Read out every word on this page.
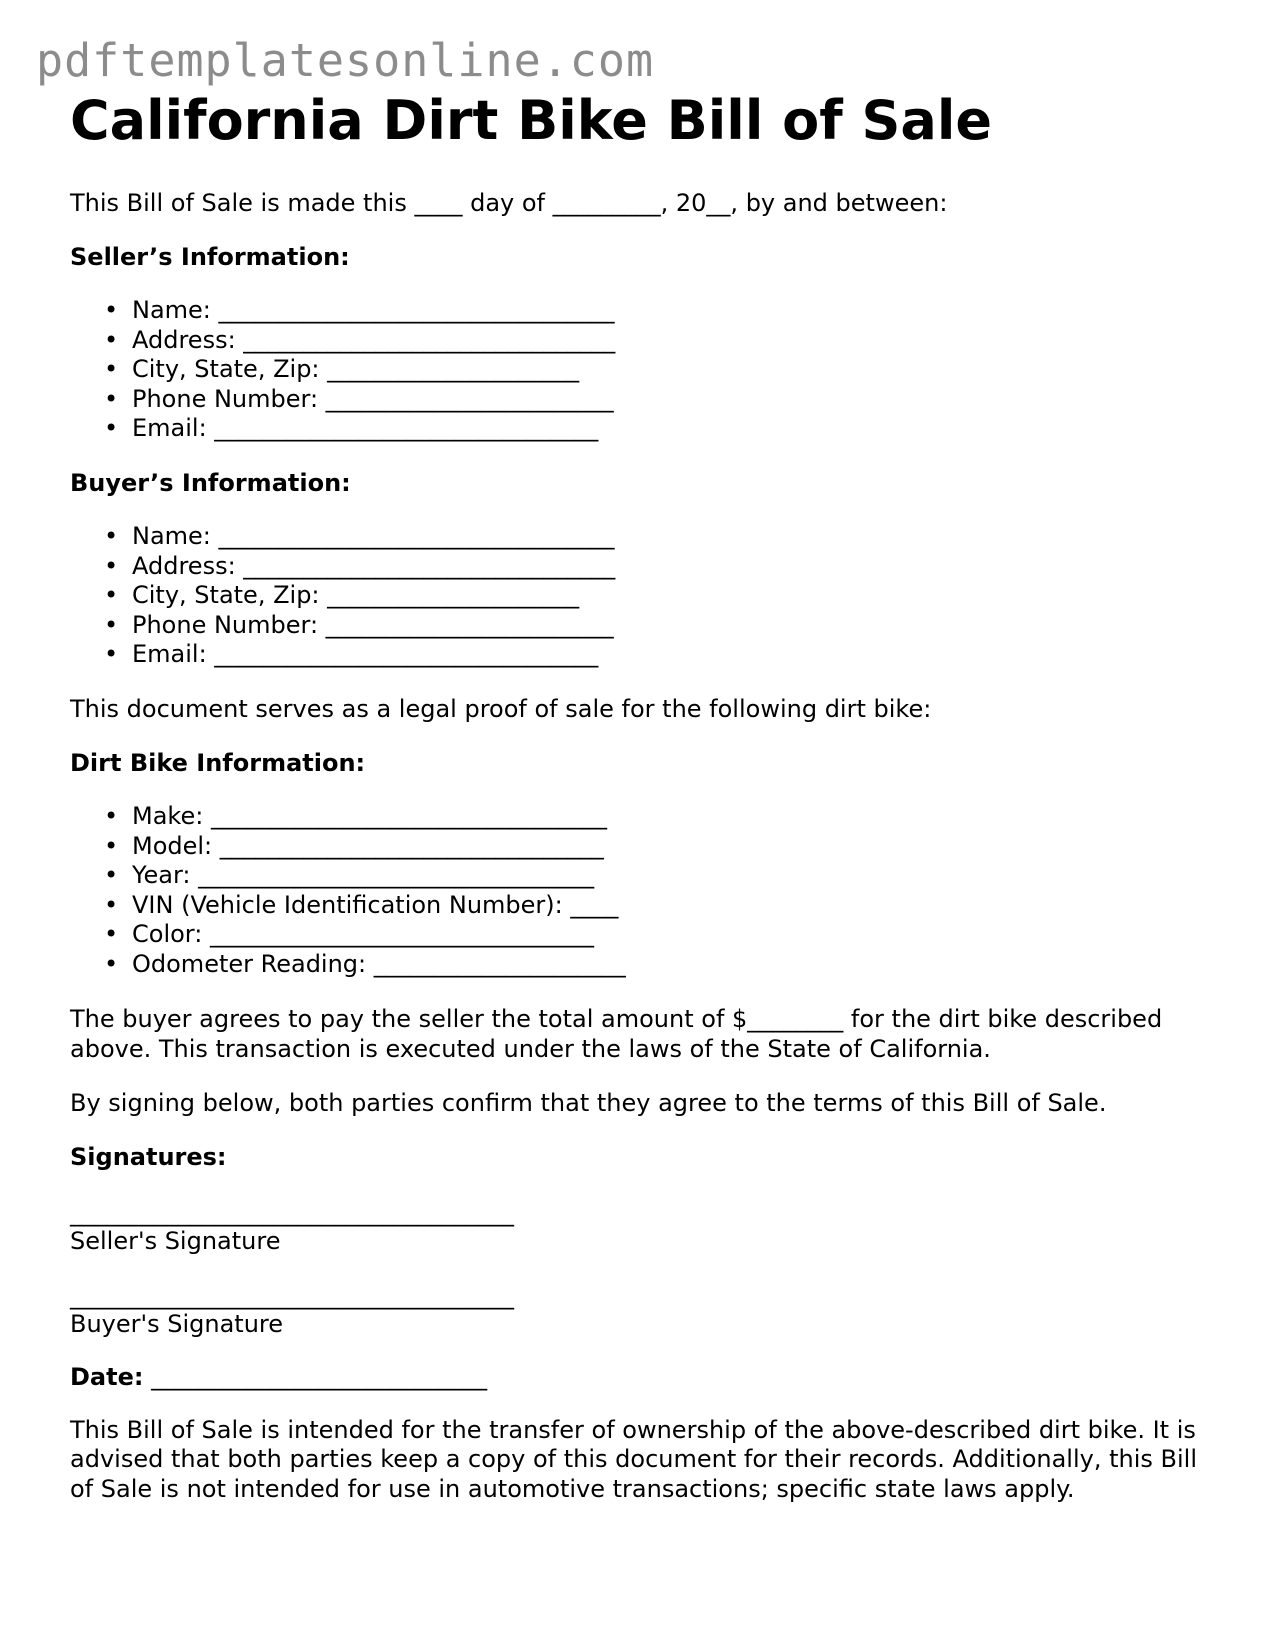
pdftemplatesonline.com
California Dirt Bike Bill of Sale

This Bill of Sale is made this ____ day of _________, 20__, by and between:

Seller’s Information:
• Name: _________________________________
• Address: _______________________________
• City, State, Zip: _____________________
• Phone Number: ________________________
• Email: ________________________________
Buyer’s Information:
• Name: _________________________________
• Address: _______________________________
• City, State, Zip: _____________________
• Phone Number: ________________________
• Email: ________________________________

This document serves as a legal proof of sale for the following dirt bike:

Dirt Bike Information:
• Make: _________________________________
• Model: ________________________________
• Year: _________________________________
• VIN (Vehicle Identification Number): ____
• Color: ________________________________
• Odometer Reading: _____________________

The buyer agrees to pay the seller the total amount of $________ for the dirt bike described above. This transaction is executed under the laws of the State of California.

By signing below, both parties confirm that they agree to the terms of this Bill of Sale.

Signatures:
_____________________________________
Seller's Signature
_____________________________________
Buyer's Signature

Date: ____________________________

This Bill of Sale is intended for the transfer of ownership of the above-described dirt bike. It is advised that both parties keep a copy of this document for their records. Additionally, this Bill of Sale is not intended for use in automotive transactions; specific state laws apply.
